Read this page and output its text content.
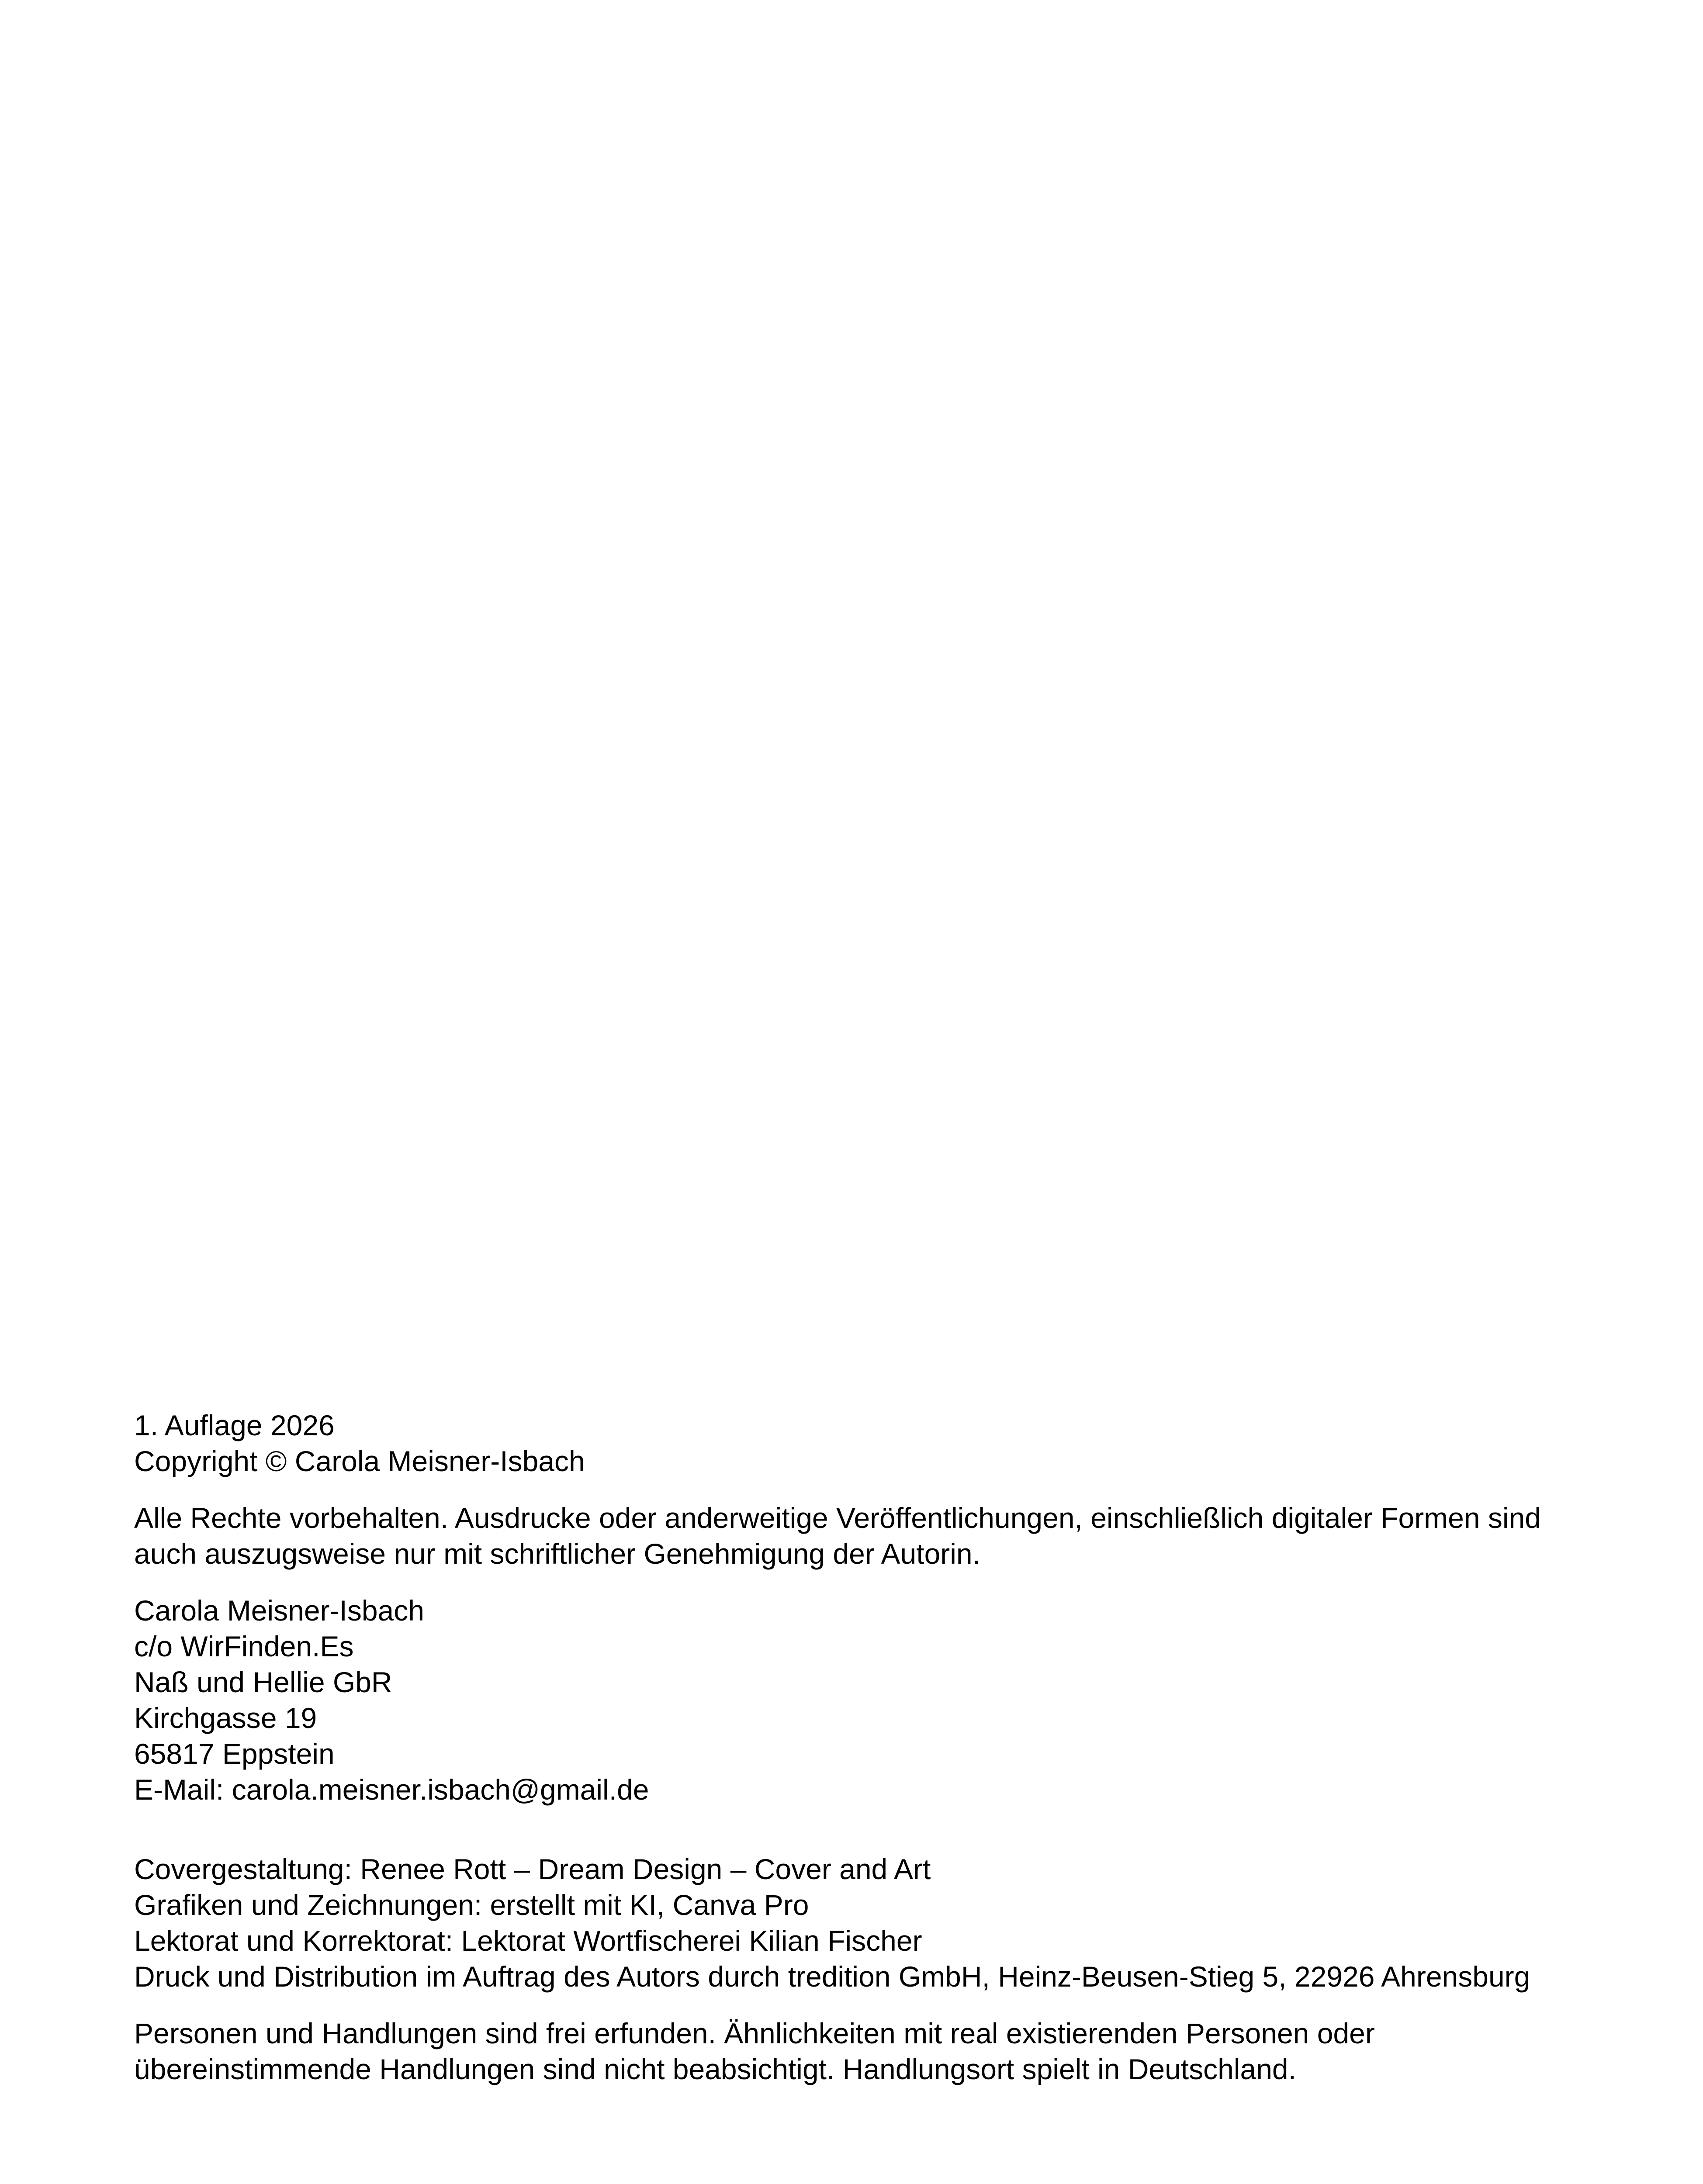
1. Auflage 2026

Copyright © Carola Meisner-Isbach

Alle Rechte vorbehalten. Ausdrucke oder anderweitige Veröffentlichungen, einschließlich digitaler Formen sind
auch auszugsweise nur mit schriftlicher Genehmigung der Autorin.
Carola Meisner-Isbach
c/o WirFinden.Es
Naß und Hellie GbR
Kirchgasse 19
65817 Eppstein
E-Mail: carola.meisner.isbach@gmail.de
Covergestaltung: Renee Rott – Dream Design – Cover and Art
Grafiken und Zeichnungen: erstellt mit KI, Canva Pro
Lektorat und Korrektorat: Lektorat Wortfischerei Kilian Fischer

Druck und Distribution im Auftrag des Autors durch tredition GmbH, Heinz-Beusen-Stieg 5, 22926 Ahrensburg

Personen und Handlungen sind frei erfunden. Ähnlichkeiten mit real existierenden Personen oder
übereinstimmende Handlungen sind nicht beabsichtigt. Handlungsort spielt in Deutschland.
